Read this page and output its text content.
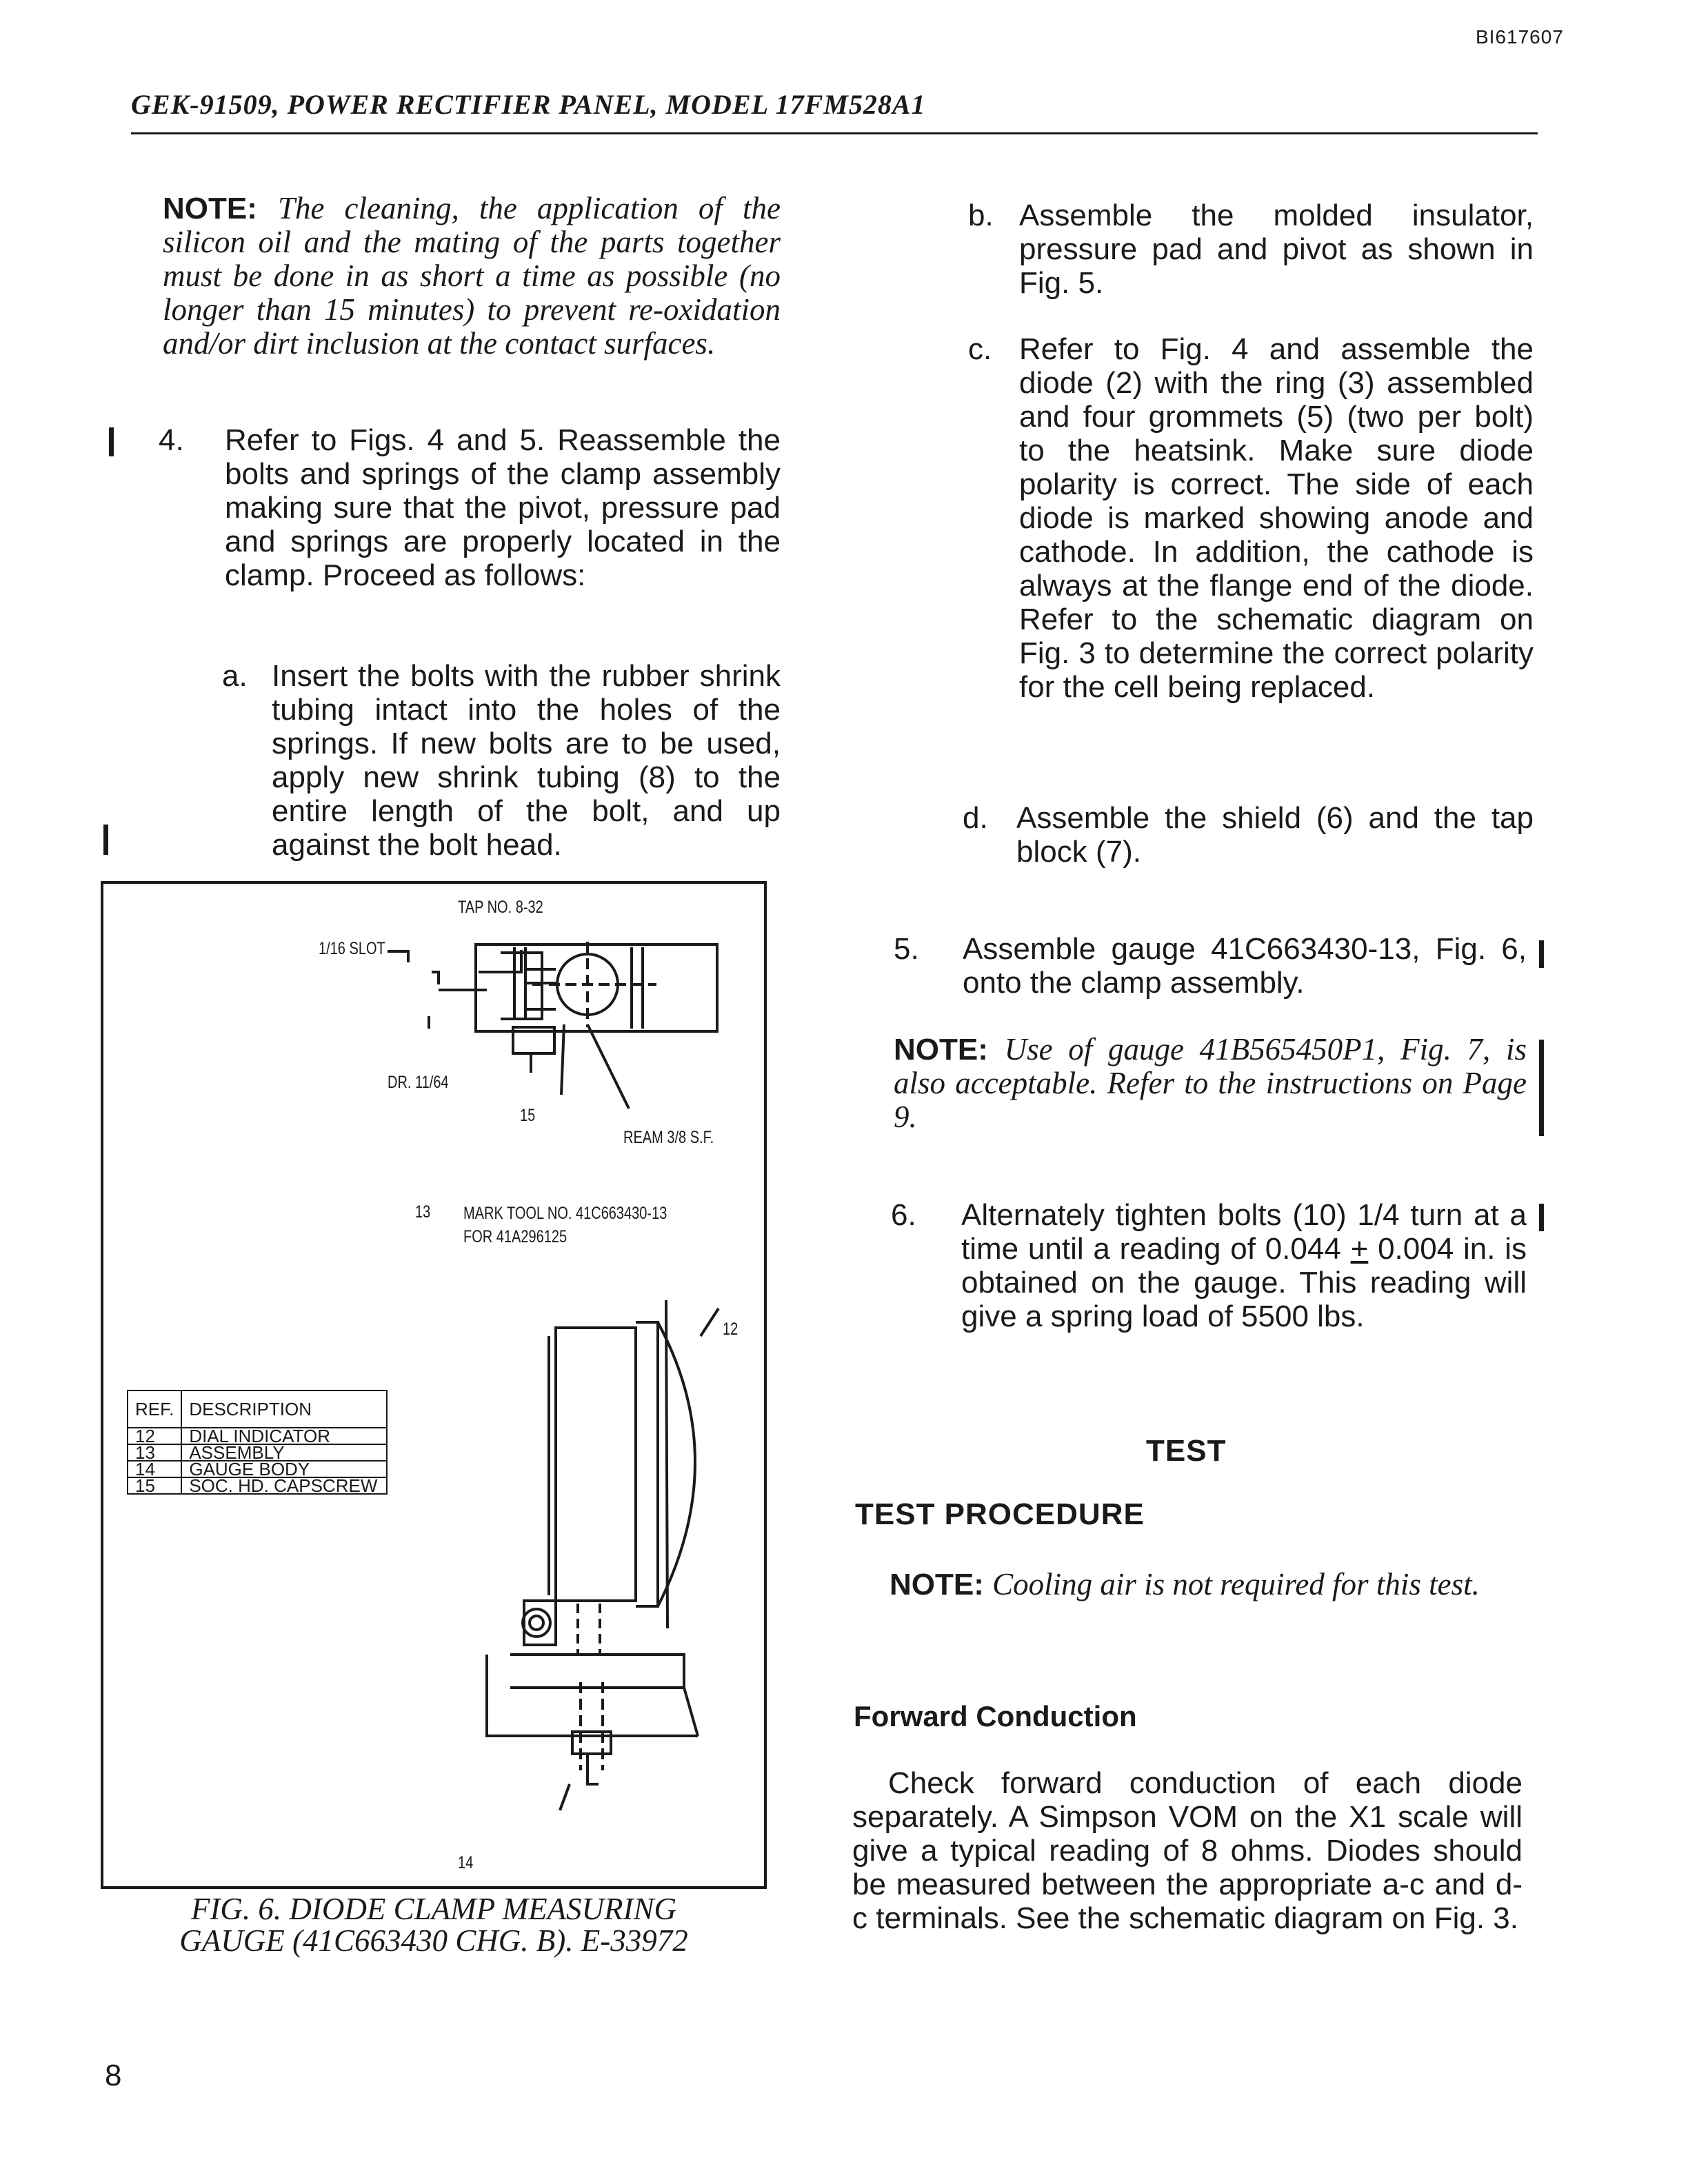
BI617607
GEK-91509, POWER RECTIFIER PANEL, MODEL 17FM528A1
NOTE: The cleaning, the application of the silicon oil and the mating of the parts together must be done in as short a time as possible (no longer than 15 minutes) to prevent re-oxidation and/or dirt inclusion at the contact surfaces.
4. Refer to Figs. 4 and 5. Reassemble the bolts and springs of the clamp assembly making sure that the pivot, pressure pad and springs are properly located in the clamp. Proceed as follows:
a. Insert the bolts with the rubber shrink tubing intact into the holes of the springs. If new bolts are to be used, apply new shrink tubing (8) to the entire length of the bolt, and up against the bolt head.
TAP NO. 8-32
1/16 SLOT
DR. 11/64
15
REAM 3/8 S.F.
13 MARK TOOL NO. 41C663430-13
FOR 41A296125
12
14
REF.	DESCRIPTION
12	DIAL INDICATOR
13	ASSEMBLY
14	GAUGE BODY
15	SOC. HD. CAPSCREW
FIG. 6. DIODE CLAMP MEASURING
GAUGE (41C663430 CHG. B). E-33972
b. Assemble the molded insulator, pressure pad and pivot as shown in Fig. 5.
c. Refer to Fig. 4 and assemble the diode (2) with the ring (3) assembled and four grommets (5) (two per bolt) to the heatsink. Make sure diode polarity is correct. The side of each diode is marked showing anode and cathode. In addition, the cathode is always at the flange end of the diode. Refer to the schematic diagram on Fig. 3 to determine the correct polarity for the cell being replaced.
d. Assemble the shield (6) and the tap block (7).
5. Assemble gauge 41C663430-13, Fig. 6, onto the clamp assembly.
NOTE: Use of gauge 41B565450P1, Fig. 7, is also acceptable. Refer to the instructions on Page 9.
6. Alternately tighten bolts (10) 1/4 turn at a time until a reading of 0.044 + 0.004 in. is obtained on the gauge. This reading will give a spring load of 5500 lbs.
TEST
TEST PROCEDURE
NOTE: Cooling air is not required for this test.
Forward Conduction
Check forward conduction of each diode separately. A Simpson VOM on the X1 scale will give a typical reading of 8 ohms. Diodes should be measured between the appropriate a-c and d-c terminals. See the schematic diagram on Fig. 3.
8
